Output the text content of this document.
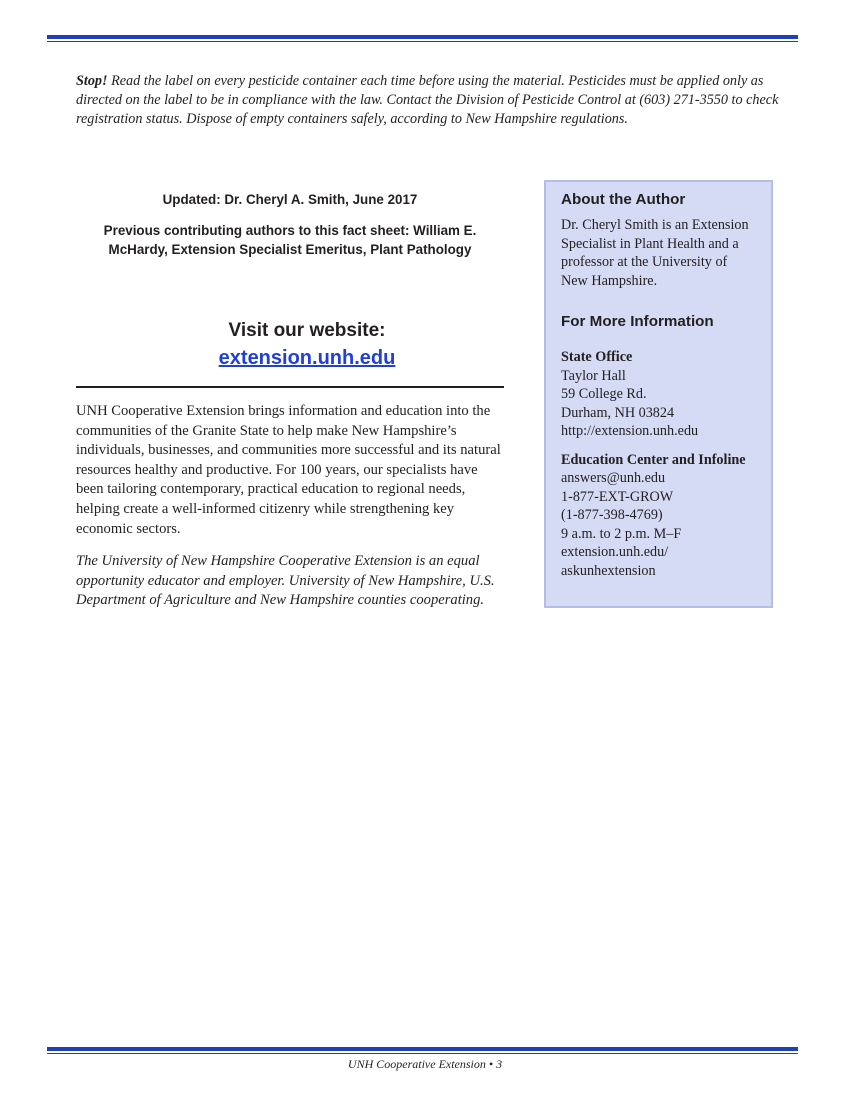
Stop! Read the label on every pesticide container each time before using the material. Pesticides must be applied only as directed on the label to be in compliance with the law. Contact the Division of Pesticide Control at (603) 271-3550 to check registration status. Dispose of empty containers safely, according to New Hampshire regulations.

Updated: Dr. Cheryl A. Smith, June 2017

Previous contributing authors to this fact sheet: William E. McHardy, Extension Specialist Emeritus, Plant Pathology

Visit our website:
extension.unh.edu

UNH Cooperative Extension brings information and education into the communities of the Granite State to help make New Hampshire’s individuals, businesses, and communities more successful and its natural resources healthy and productive. For 100 years, our specialists have been tailoring contemporary, practical education to regional needs, helping create a well-informed citizenry while strengthening key economic sectors.

The University of New Hampshire Cooperative Extension is an equal opportunity educator and employer. University of New Hampshire, U.S. Department of Agriculture and New Hampshire counties cooperating.

About the Author

Dr. Cheryl Smith is an Extension Specialist in Plant Health and a professor at the University of New Hampshire.

For More Information

State Office

Taylor Hall

59 College Rd.

Durham, NH 03824

http://extension.unh.edu

Education Center and Infoline

answers@unh.edu

1-877-EXT-GROW

(1-877-398-4769)

9 a.m. to 2 p.m. M–F

extension.unh.edu/

askunhextension

UNH Cooperative Extension • 3
